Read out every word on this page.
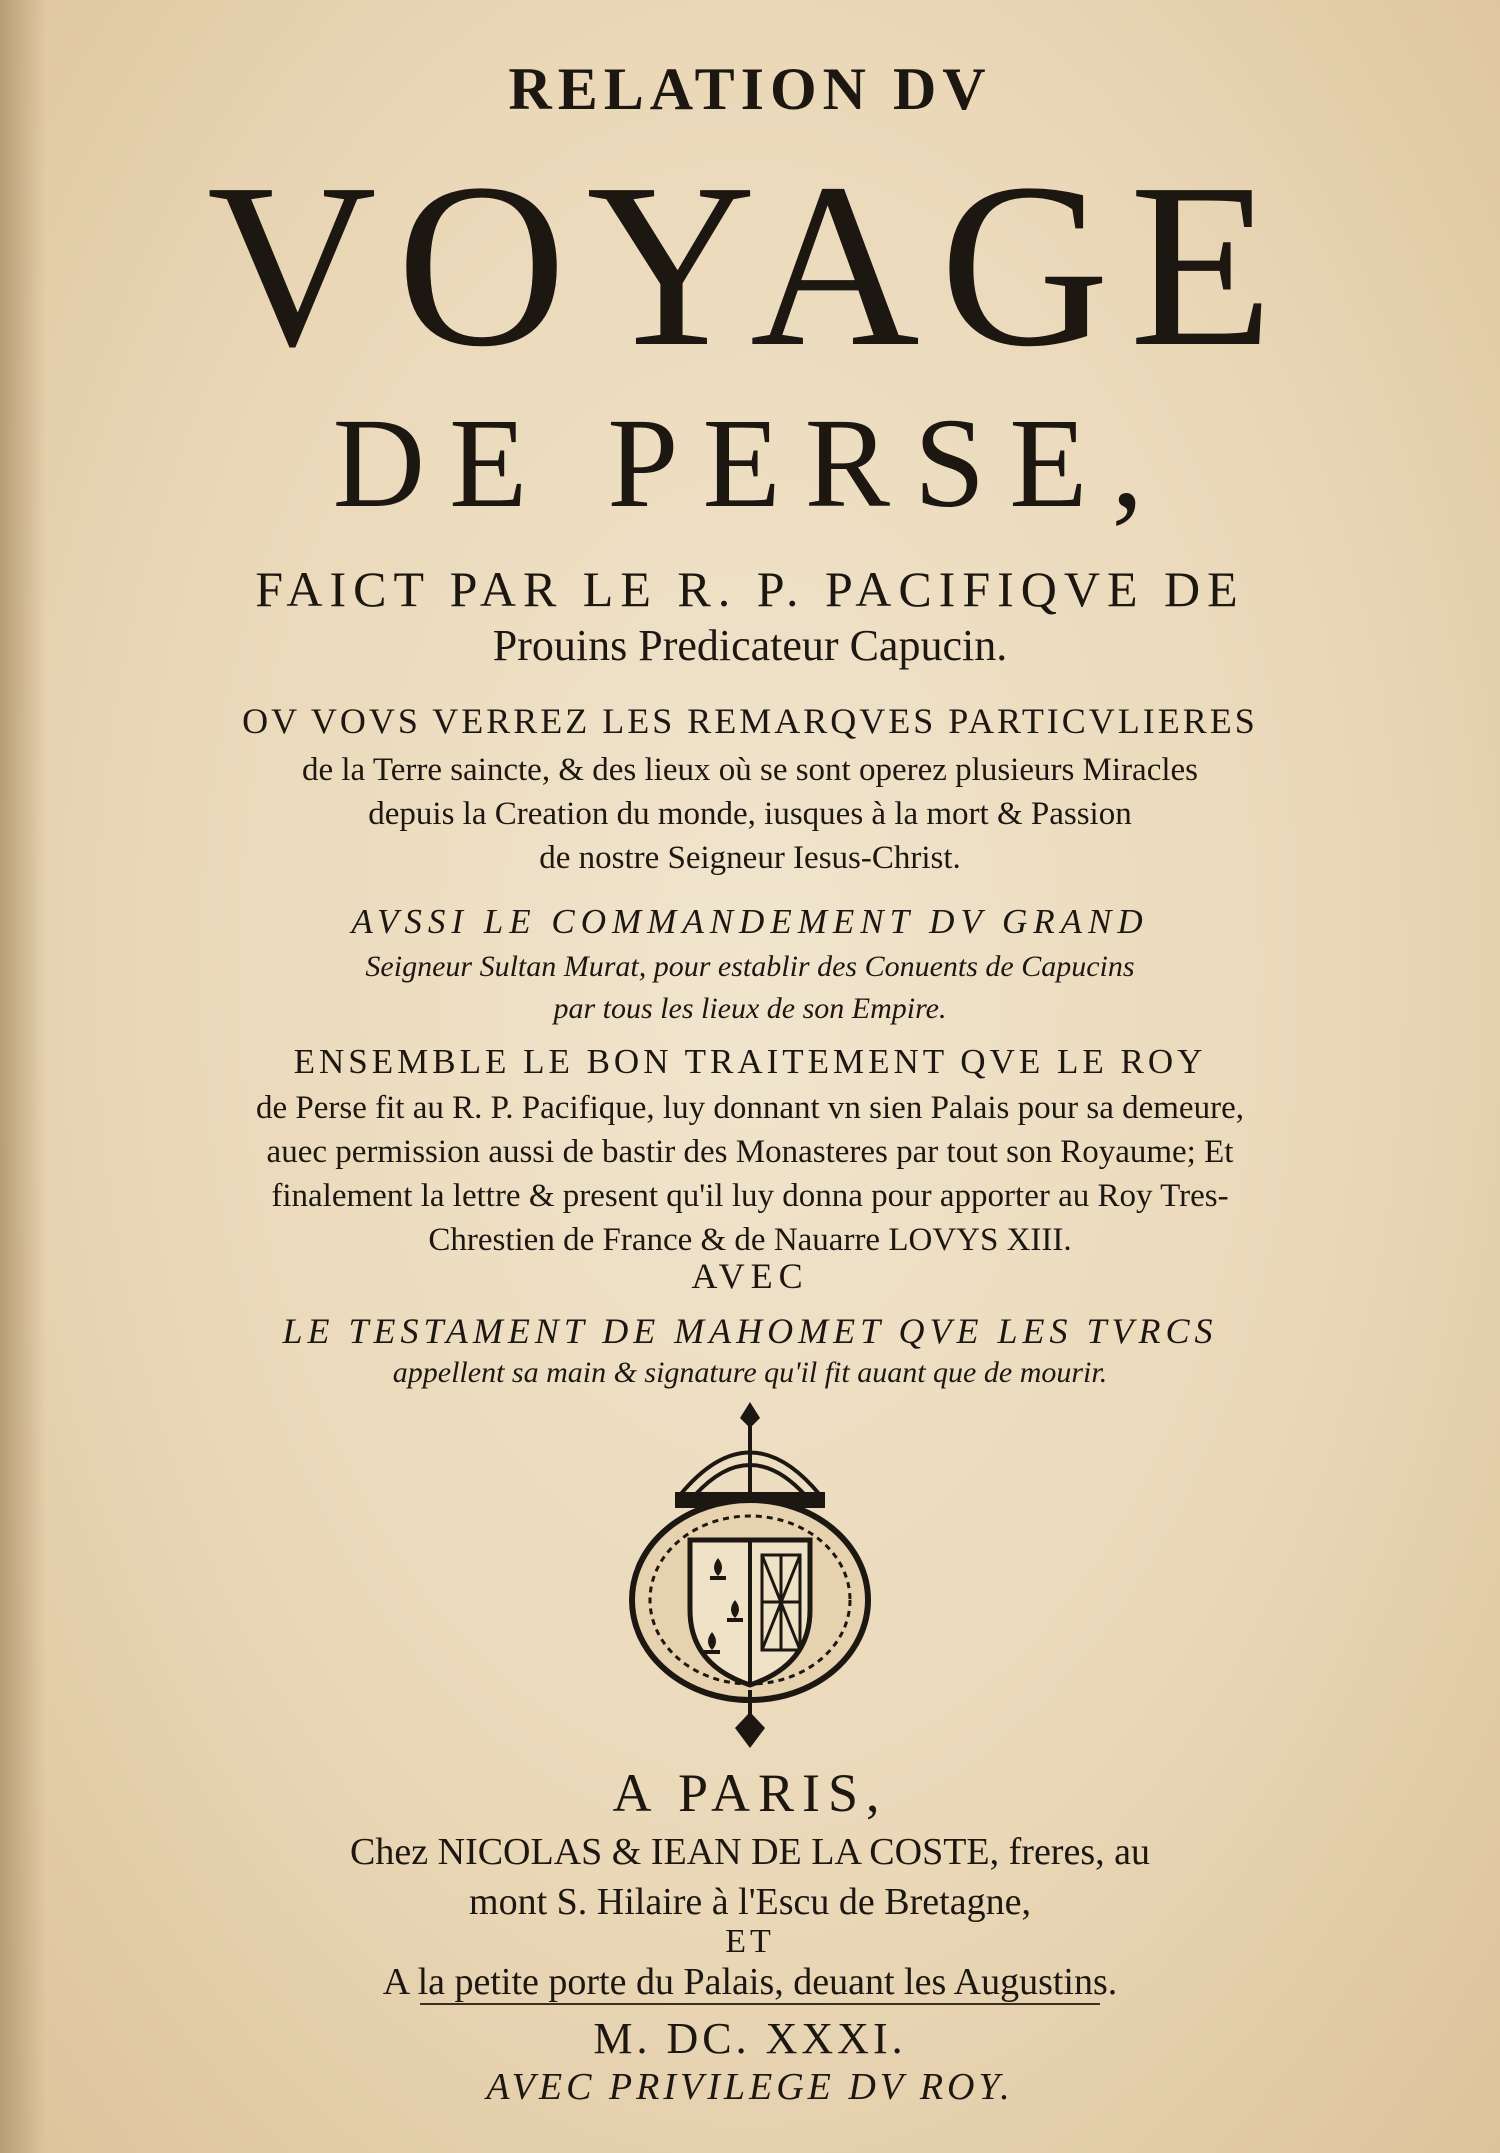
RELATION DV
VOYAGE
DE PERSE,
FAICT PAR LE R. P. PACIFIQVE DE
Prouins Predicateur Capucin.
OV VOVS VERREZ LES REMARQVES PARTICVLIERES
de la Terre saincte, & des lieux où se sont operez plusieurs Miracles
depuis la Creation du monde, iusques à la mort & Passion
de nostre Seigneur Iesus-Christ.
AVSSI LE COMMANDEMENT DV GRAND
Seigneur Sultan Murat, pour establir des Conuents de Capucins
par tous les lieux de son Empire.
ENSEMBLE LE BON TRAITEMENT QVE LE ROY
de Perse fit au R. P. Pacifique, luy donnant vn sien Palais pour sa demeure,
auec permission aussi de bastir des Monasteres par tout son Royaume; Et
finalement la lettre & present qu'il luy donna pour apporter au Roy Tres-
Chrestien de France & de Nauarre LOVYS XIII.
AVEC
LE TESTAMENT DE MAHOMET QVE LES TVRCS
appellent sa main & signature qu'il fit auant que de mourir.
A PARIS,
Chez NICOLAS & IEAN DE LA COSTE, freres, au
mont S. Hilaire à l'Escu de Bretagne,
ET
A la petite porte du Palais, deuant les Augustins.
M. DC. XXXI.
AVEC PRIVILEGE DV ROY.
